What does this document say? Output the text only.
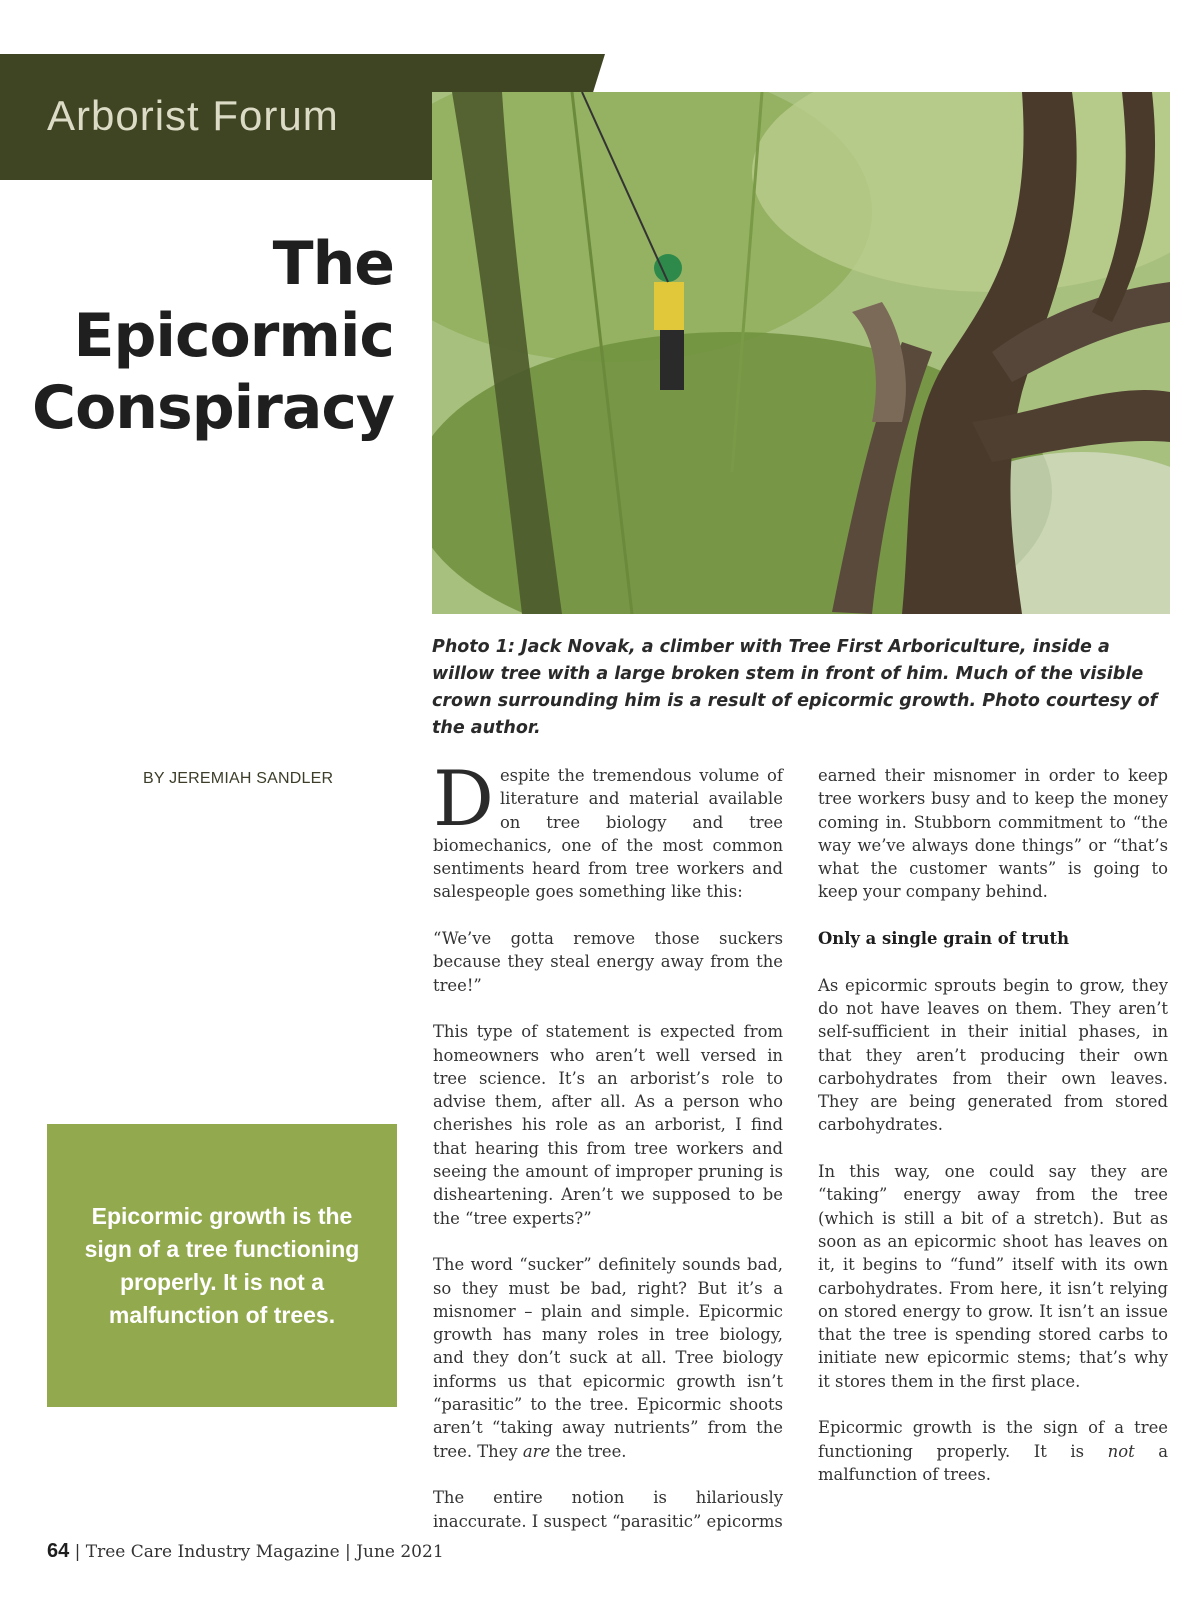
Arborist Forum
The
Epicormic
Conspiracy
Photo 1: Jack Novak, a climber with Tree First Arboriculture, inside a willow tree with a large broken stem in front of him. Much of the visible crown surrounding him is a result of epicormic growth. Photo courtesy of the author.
BY JEREMIAH SANDLER
Epicormic growth is the sign of a tree functioning properly. It is not a malfunction of trees.

Despite the tremendous volume of literature and material available on tree biology and tree biomechanics, one of the most common sentiments heard from tree workers and salespeople goes something like this:

“We’ve gotta remove those suckers because they steal energy away from the tree!”

This type of statement is expected from homeowners who aren’t well versed in tree science. It’s an arborist’s role to advise them, after all. As a person who cherishes his role as an arborist, I find that hearing this from tree workers and seeing the amount of improper pruning is disheartening. Aren’t we supposed to be the “tree experts?”

The word “sucker” definitely sounds bad, so they must be bad, right? But it’s a misnomer – plain and simple. Epicormic growth has many roles in tree biology, and they don’t suck at all. Tree biology informs us that epicormic growth isn’t “parasitic” to the tree. Epicormic shoots aren’t “taking away nutrients” from the tree. They are the tree.

The entire notion is hilariously inaccurate. I suspect “parasitic” epicorms

earned their misnomer in order to keep tree workers busy and to keep the money coming in. Stubborn commitment to “the way we’ve always done things” or “that’s what the customer wants” is going to keep your company behind.

Only a single grain of truth

As epicormic sprouts begin to grow, they do not have leaves on them. They aren’t self-sufficient in their initial phases, in that they aren’t producing their own carbohydrates from their own leaves. They are being generated from stored carbohydrates.

In this way, one could say they are “taking” energy away from the tree (which is still a bit of a stretch). But as soon as an epicormic shoot has leaves on it, it begins to “fund” itself with its own carbohydrates. From here, it isn’t relying on stored energy to grow. It isn’t an issue that the tree is spending stored carbs to initiate new epicormic stems; that’s why it stores them in the first place.

Epicormic growth is the sign of a tree functioning properly. It is not a malfunction of trees.

64 | Tree Care Industry Magazine | June 2021
